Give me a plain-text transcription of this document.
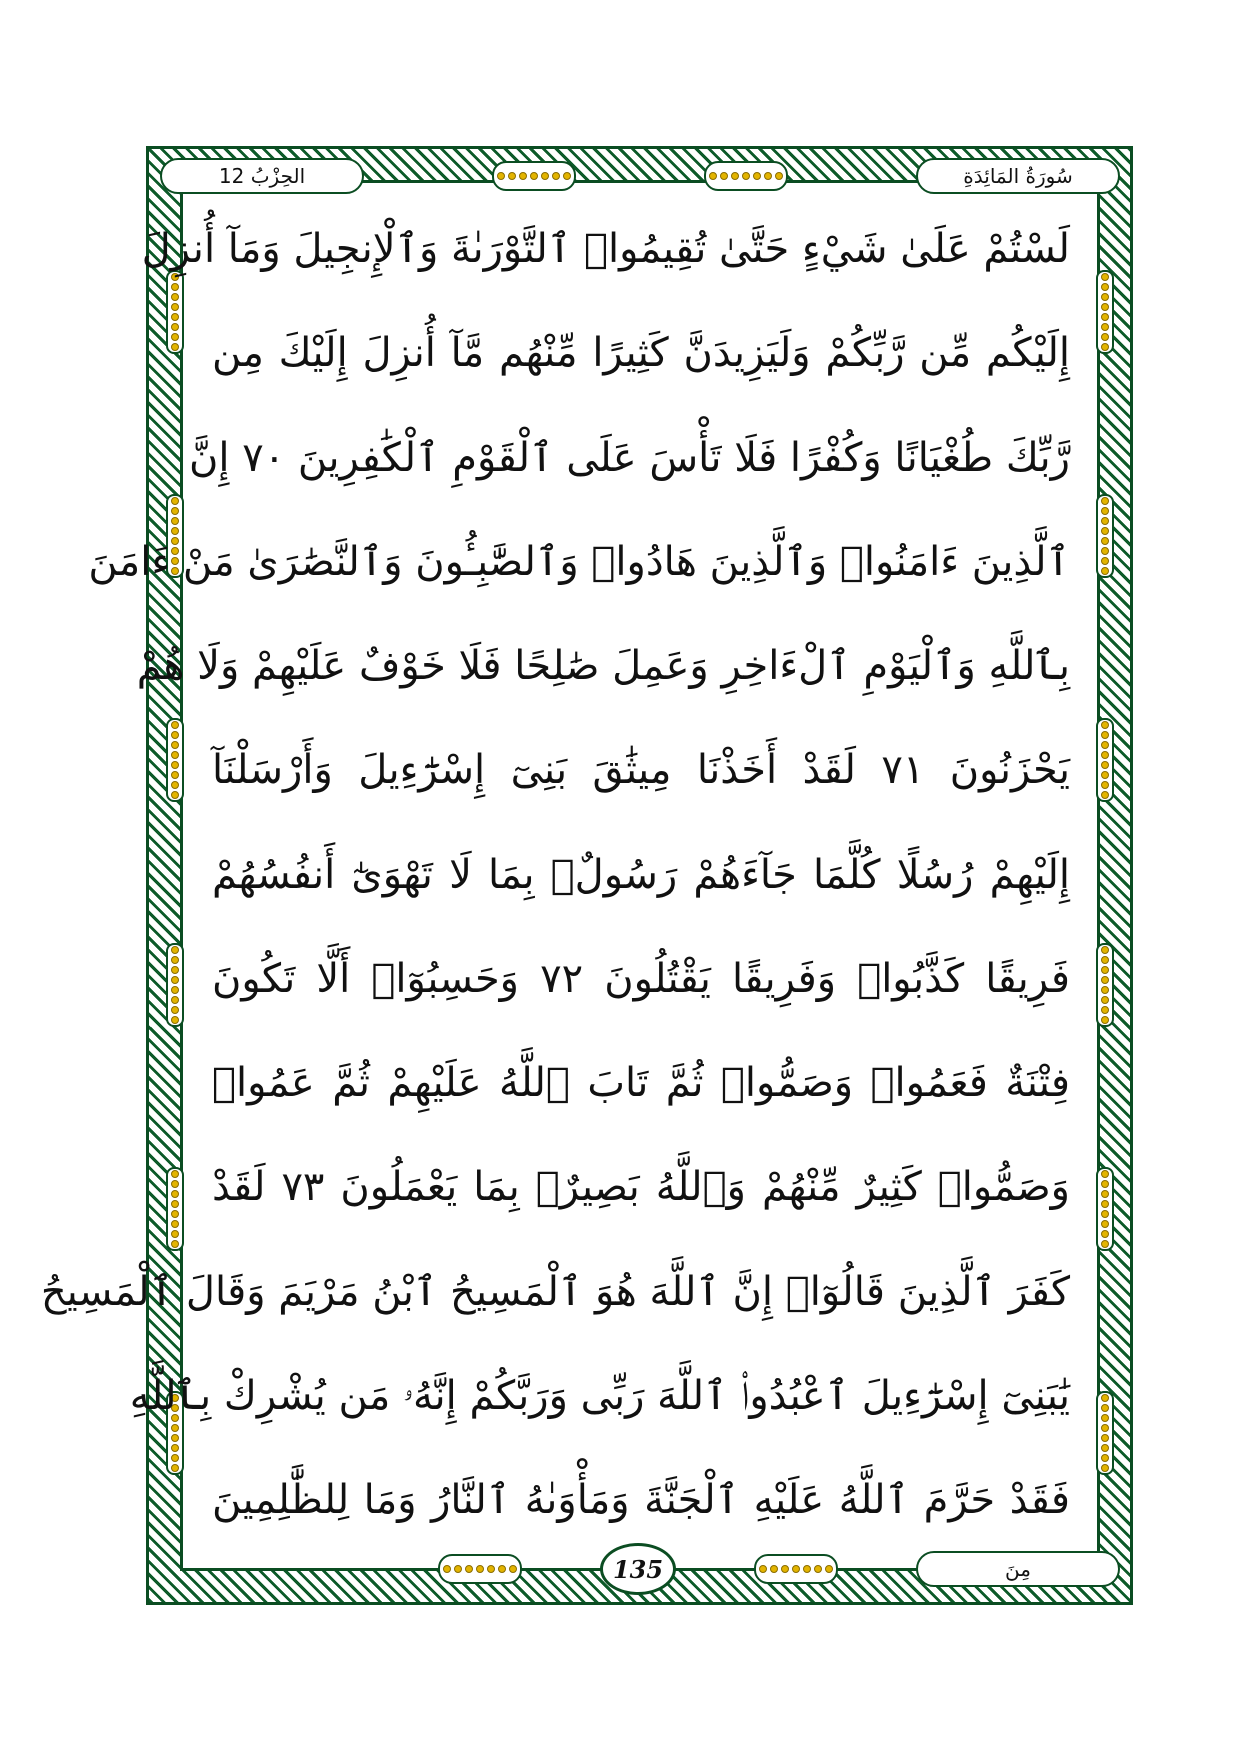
الحِزْبُ 12	سُورَةُ المَائِدَةِ
لَسْتُمْ عَلَىٰ شَيْءٍ حَتَّىٰ تُقِيمُوا۟ ٱلتَّوْرَىٰةَ وَٱلْإِنجِيلَ وَمَآ أُنزِلَ
إِلَيْكُم مِّن رَّبِّكُمْ وَلَيَزِيدَنَّ كَثِيرًا مِّنْهُم مَّآ أُنزِلَ إِلَيْكَ مِن
رَّبِّكَ طُغْيَانًا وَكُفْرًا فَلَا تَأْسَ عَلَى ٱلْقَوْمِ ٱلْكَٰفِرِينَ ٧٠ إِنَّ
ٱلَّذِينَ ءَامَنُوا۟ وَٱلَّذِينَ هَادُوا۟ وَٱلصَّٰبِـُٔونَ وَٱلنَّصَٰرَىٰ مَنْ ءَامَنَ
بِٱللَّهِ وَٱلْيَوْمِ ٱلْءَاخِرِ وَعَمِلَ صَٰلِحًا فَلَا خَوْفٌ عَلَيْهِمْ وَلَا هُمْ
يَحْزَنُونَ ٧١ لَقَدْ أَخَذْنَا مِيثَٰقَ بَنِىٓ إِسْرَٰٓءِيلَ وَأَرْسَلْنَآ
إِلَيْهِمْ رُسُلًا كُلَّمَا جَآءَهُمْ رَسُولٌۢ بِمَا لَا تَهْوَىٰٓ أَنفُسُهُمْ
فَرِيقًا كَذَّبُوا۟ وَفَرِيقًا يَقْتُلُونَ ٧٢ وَحَسِبُوٓا۟ أَلَّا تَكُونَ
فِتْنَةٌ فَعَمُوا۟ وَصَمُّوا۟ ثُمَّ تَابَ ٱللَّهُ عَلَيْهِمْ ثُمَّ عَمُوا۟
وَصَمُّوا۟ كَثِيرٌ مِّنْهُمْ وَٱللَّهُ بَصِيرٌۢ بِمَا يَعْمَلُونَ ٧٣ لَقَدْ
كَفَرَ ٱلَّذِينَ قَالُوٓا۟ إِنَّ ٱللَّهَ هُوَ ٱلْمَسِيحُ ٱبْنُ مَرْيَمَ وَقَالَ ٱلْمَسِيحُ
يَٰبَنِىٓ إِسْرَٰٓءِيلَ ٱعْبُدُوا۟ ٱللَّهَ رَبِّى وَرَبَّكُمْ إِنَّهُۥ مَن يُشْرِكْ بِٱللَّهِ
فَقَدْ حَرَّمَ ٱللَّهُ عَلَيْهِ ٱلْجَنَّةَ وَمَأْوَىٰهُ ٱلنَّارُ وَمَا لِلظَّٰلِمِينَ
135	مِنَ
